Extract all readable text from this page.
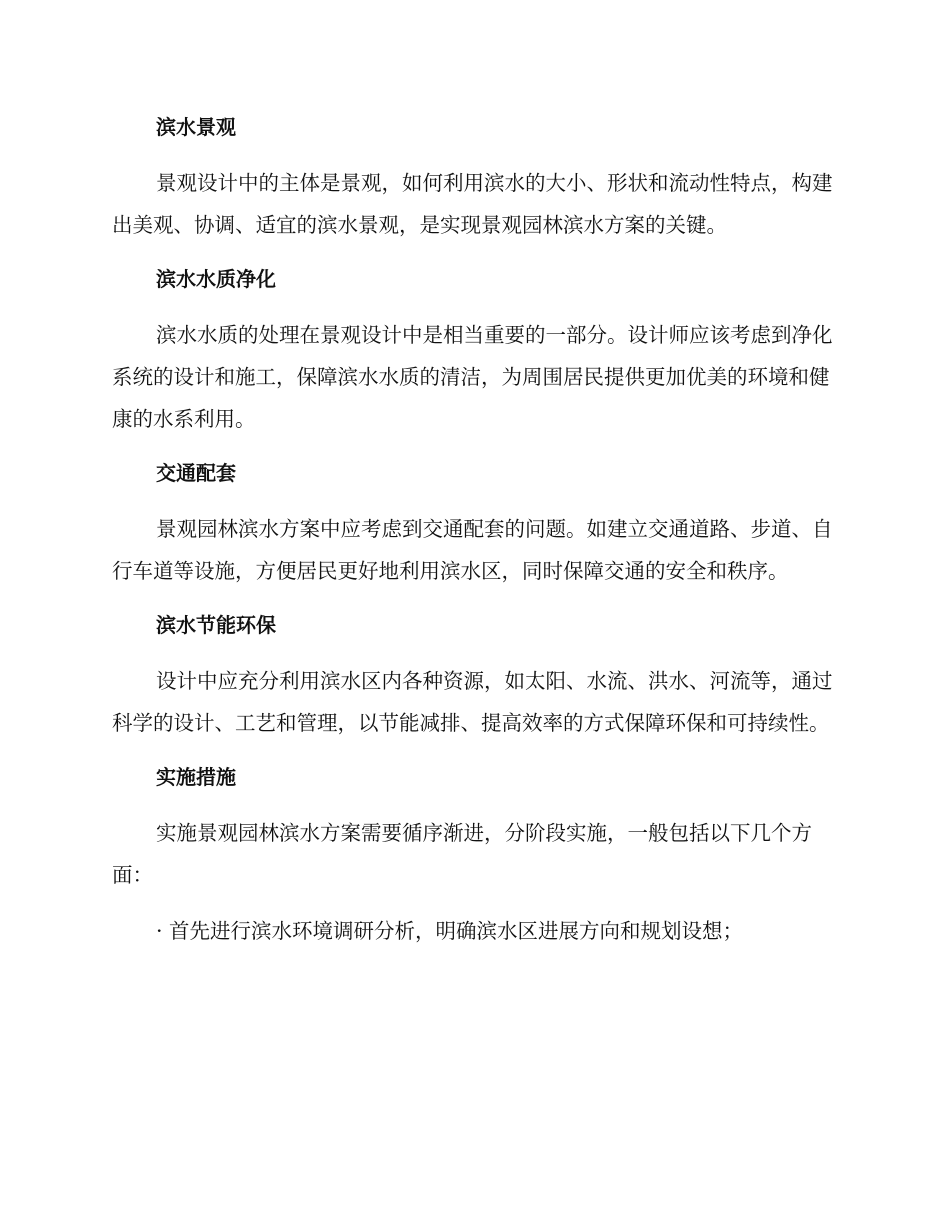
滨水景观

景观设计中的主体是景观，如何利用滨水的大小、形状和流动性特点，构建出美观、协调、适宜的滨水景观，是实现景观园林滨水方案的关键。

滨水水质净化

滨水水质的处理在景观设计中是相当重要的一部分。设计师应该考虑到净化系统的设计和施工，保障滨水水质的清洁，为周围居民提供更加优美的环境和健康的水系利用。

交通配套

景观园林滨水方案中应考虑到交通配套的问题。如建立交通道路、步道、自行车道等设施，方便居民更好地利用滨水区，同时保障交通的安全和秩序。

滨水节能环保

设计中应充分利用滨水区内各种资源，如太阳、水流、洪水、河流等，通过科学的设计、工艺和管理，以节能减排、提高效率的方式保障环保和可持续性。

实施措施

实施景观园林滨水方案需要循序渐进，分阶段实施，一般包括以下几个方面：

· 首先进行滨水环境调研分析，明确滨水区进展方向和规划设想；
